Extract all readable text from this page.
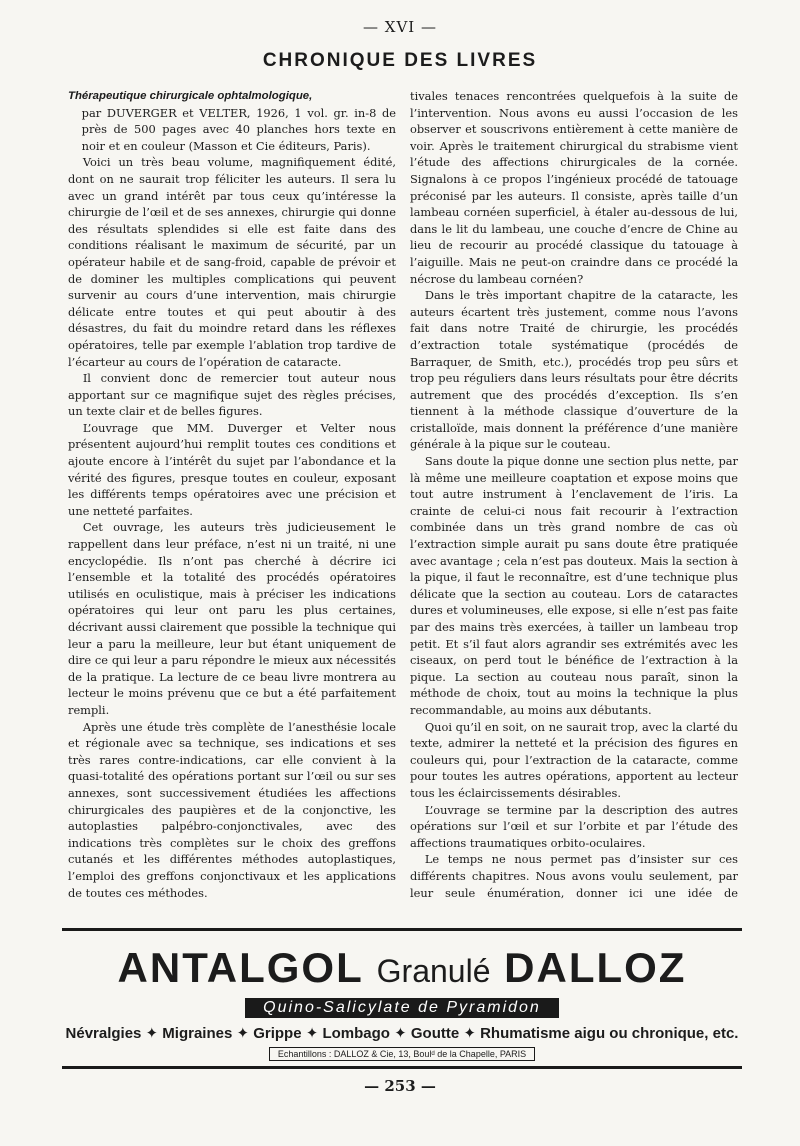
— XVI —
CHRONIQUE DES LIVRES
Thérapeutique chirurgicale ophtalmologique,

par DUVERGER et VELTER, 1926, 1 vol. gr. in-8 de près de 500 pages avec 40 planches hors texte en noir et en couleur (Masson et Cie éditeurs, Paris).

Voici un très beau volume, magnifiquement édité, dont on ne saurait trop féliciter les auteurs. Il sera lu avec un grand intérêt par tous ceux qu’intéresse la chirurgie de l’œil et de ses annexes, chirurgie qui donne des résultats splendides si elle est faite dans des conditions réalisant le maximum de sécurité, par un opérateur habile et de sang-froid, capable de prévoir et de dominer les multiples complications qui peuvent survenir au cours d’une intervention, mais chirurgie délicate entre toutes et qui peut aboutir à des désastres, du fait du moindre retard dans les réflexes opératoires, telle par exemple l’ablation trop tardive de l’écarteur au cours de l’opération de cataracte.

Il convient donc de remercier tout auteur nous apportant sur ce magnifique sujet des règles précises, un texte clair et de belles figures.

L’ouvrage que MM. Duverger et Velter nous présentent aujourd’hui remplit toutes ces conditions et ajoute encore à l’intérêt du sujet par l’abondance et la vérité des figures, presque toutes en couleur, exposant les différents temps opératoires avec une précision et une netteté parfaites.

Cet ouvrage, les auteurs très judicieusement le rappellent dans leur préface, n’est ni un traité, ni une encyclopédie. Ils n’ont pas cherché à décrire ici l’ensemble et la totalité des procédés opératoires utilisés en oculistique, mais à préciser les indications opératoires qui leur ont paru les plus certaines, décrivant aussi clairement que possible la technique qui leur a paru la meilleure, leur but étant uniquement de dire ce qui leur a paru répondre le mieux aux nécessités de la pratique. La lecture de ce beau livre montrera au lecteur le moins prévenu que ce but a été parfaitement rempli.

Après une étude très complète de l’anesthésie locale et régionale avec sa technique, ses indications et ses très rares contre-indications, car elle convient à la quasi-totalité des opérations portant sur l’œil ou sur ses annexes, sont successivement étudiées les affections chirurgicales des paupières et de la conjonctive, les autoplasties palpébro-conjonctivales, avec des indications très complètes sur le choix des greffons cutanés et les différentes méthodes autoplastiques, l’emploi des greffons conjonctivaux et les applications de toutes ces méthodes.

tivales tenaces rencontrées quelquefois à la suite de l’intervention. Nous avons eu aussi l’occasion de les observer et souscrivons entièrement à cette manière de voir. Après le traitement chirurgical du strabisme vient l’étude des affections chirurgicales de la cornée. Signalons à ce propos l’ingénieux procédé de tatouage préconisé par les auteurs. Il consiste, après taille d’un lambeau cornéen superficiel, à étaler au-dessous de lui, dans le lit du lambeau, une couche d’encre de Chine au lieu de recourir au procédé classique du tatouage à l’aiguille. Mais ne peut-on craindre dans ce procédé la nécrose du lambeau cornéen?

Dans le très important chapitre de la cataracte, les auteurs écartent très justement, comme nous l’avons fait dans notre Traité de chirurgie, les procédés d’extraction totale systématique (procédés de Barraquer, de Smith, etc.), procédés trop peu sûrs et trop peu réguliers dans leurs résultats pour être décrits autrement que des procédés d’exception. Ils s’en tiennent à la méthode classique d’ouverture de la cristalloïde, mais donnent la préférence d’une manière générale à la pique sur le couteau.

Sans doute la pique donne une section plus nette, par là même une meilleure coaptation et expose moins que tout autre instrument à l’enclavement de l’iris. La crainte de celui-ci nous fait recourir à l’extraction combinée dans un très grand nombre de cas où l’extraction simple aurait pu sans doute être pratiquée avec avantage ; cela n’est pas douteux. Mais la section à la pique, il faut le reconnaître, est d’une technique plus délicate que la section au couteau. Lors de cataractes dures et volumineuses, elle expose, si elle n’est pas faite par des mains très exercées, à tailler un lambeau trop petit. Et s’il faut alors agrandir ses extrémités avec les ciseaux, on perd tout le bénéfice de l’extraction à la pique. La section au couteau nous paraît, sinon la méthode de choix, tout au moins la technique la plus recommandable, au moins aux débutants.

Quoi qu’il en soit, on ne saurait trop, avec la clarté du texte, admirer la netteté et la précision des figures en couleurs qui, pour l’extraction de la cataracte, comme pour toutes les autres opérations, apportent au lecteur tous les éclaircissements désirables.

L’ouvrage se termine par la description des autres opérations sur l’œil et sur l’orbite et par l’étude des affections traumatiques orbito-oculaires.

Le temps ne nous permet pas d’insister sur ces différents chapitres. Nous avons voulu seulement, par leur seule énumération, donner ici une idée de

ANTALGOL Granulé DALLOZ
Quino-Salicylate de Pyramidon
Névralgies ✦ Migraines ✦ Grippe ✦ Lombago ✦ Goutte ✦ Rhumatisme aigu ou chronique, etc.
Echantillons : DALLOZ & Cie, 13, Boulᵈ de la Chapelle, PARIS
— 253 —
